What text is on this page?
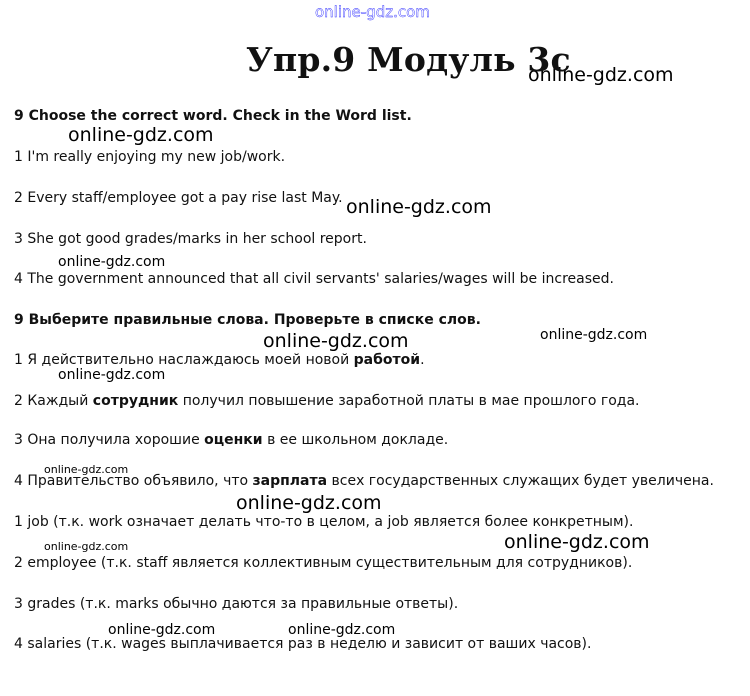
online-gdz.com
online-gdz.com
online-gdz.com
online-gdz.com
online-gdz.com
online-gdz.com
online-gdz.com
online-gdz.com
online-gdz.com
online-gdz.com
online-gdz.com	online-gdz.com
online-gdz.com	online-gdz.com
Упр.9 Модуль 3с
9 Choose the correct word. Check in the Word list.
1 I'm really enjoying my new job/work.
2 Every staff/employee got a pay rise last May.
3 She got good grades/marks in her school report.
4 The government announced that all civil servants' salaries/wages will be increased.
9 Выберите правильные слова. Проверьте в списке слов.
1 Я действительно наслаждаюсь моей новой работой.
2 Каждый сотрудник получил повышение заработной платы в мае прошлого года.
3 Она получила хорошие оценки в ее школьном докладе.
4 Правительство объявило, что зарплата всех государственных служащих будет увеличена.
1 job (т.к. work означает делать что-то в целом, а job является более конкретным).
2 employee (т.к. staff является коллективным существительным для сотрудников).
3 grades (т.к. marks обычно даются за правильные ответы).
4 salaries (т.к. wages выплачивается раз в неделю и зависит от ваших часов).
